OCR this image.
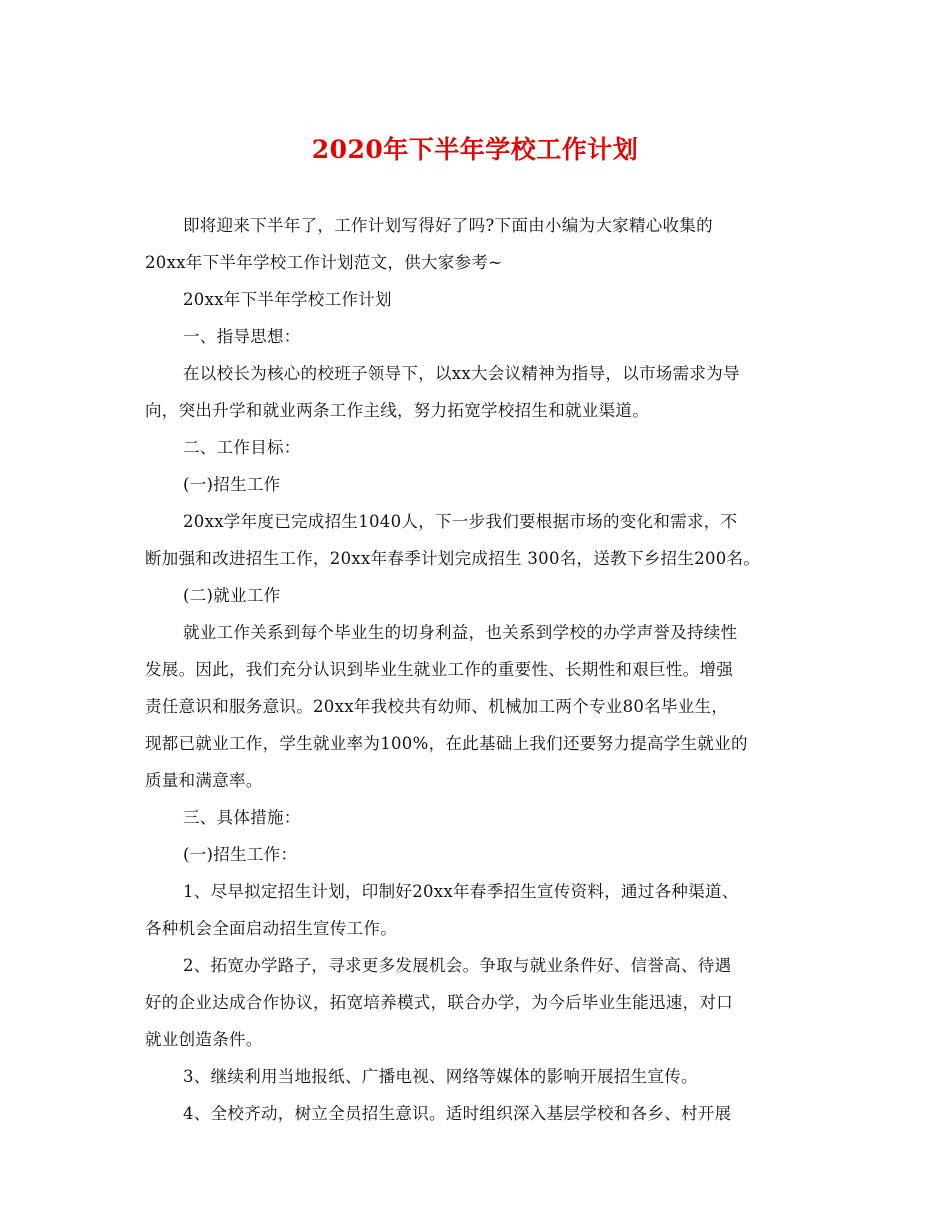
2020年下半年学校工作计划
即将迎来下半年了，工作计划写得好了吗?下面由小编为大家精心收集的
20xx年下半年学校工作计划范文，供大家参考~
20xx年下半年学校工作计划
一、指导思想：
在以校长为核心的校班子领导下，以xx大会议精神为指导，以市场需求为导
向，突出升学和就业两条工作主线，努力拓宽学校招生和就业渠道。
二、工作目标：
(一)招生工作
20xx学年度已完成招生1040人，下一步我们要根据市场的变化和需求，不
断加强和改进招生工作，20xx年春季计划完成招生 300名，送教下乡招生200名。
(二)就业工作
就业工作关系到每个毕业生的切身利益，也关系到学校的办学声誉及持续性
发展。因此，我们充分认识到毕业生就业工作的重要性、长期性和艰巨性。增强
责任意识和服务意识。20xx年我校共有幼师、机械加工两个专业80名毕业生，
现都已就业工作，学生就业率为100%，在此基础上我们还要努力提高学生就业的
质量和满意率。
三、具体措施：
(一)招生工作：
1、尽早拟定招生计划，印制好20xx年春季招生宣传资料，通过各种渠道、
各种机会全面启动招生宣传工作。
2、拓宽办学路子，寻求更多发展机会。争取与就业条件好、信誉高、待遇
好的企业达成合作协议，拓宽培养模式，联合办学，为今后毕业生能迅速，对口
就业创造条件。
3、继续利用当地报纸、广播电视、网络等媒体的影响开展招生宣传。
4、全校齐动，树立全员招生意识。适时组织深入基层学校和各乡、村开展
